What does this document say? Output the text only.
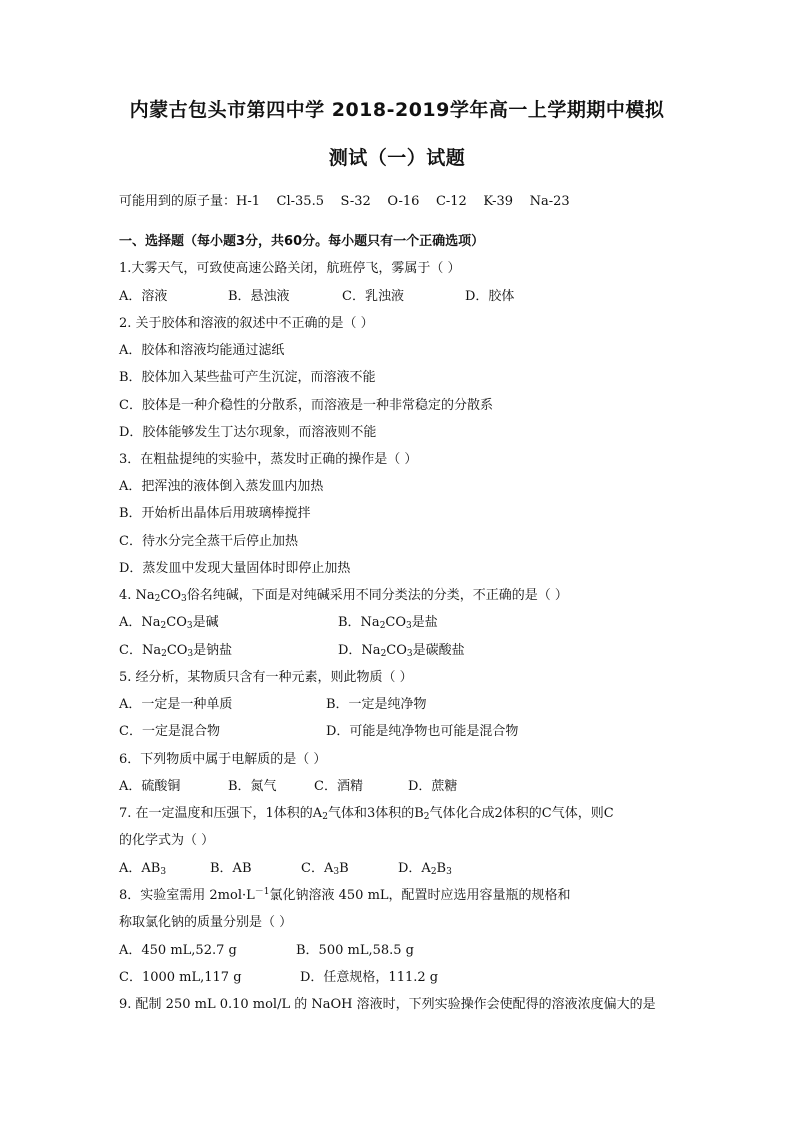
内蒙古包头市第四中学 2018-2019学年高一上学期期中模拟
测试（一）试题
可能用到的原子量：H-1    Cl-35.5    S-32    O-16    C-12    K-39    Na-23
一、选择题（每小题3分，共60分。每小题只有一个正确选项）
1.大雾天气，可致使高速公路关闭，航班停飞，雾属于（ ）
A．溶液	B．悬浊液	C．乳浊液	D．胶体
2. 关于胶体和溶液的叙述中不正确的是（ ）
A．胶体和溶液均能通过滤纸
B．胶体加入某些盐可产生沉淀，而溶液不能
C．胶体是一种介稳性的分散系，而溶液是一种非常稳定的分散系
D．胶体能够发生丁达尔现象，而溶液则不能
3．在粗盐提纯的实验中，蒸发时正确的操作是（ ）
A．把浑浊的液体倒入蒸发皿内加热
B．开始析出晶体后用玻璃棒搅拌
C．待水分完全蒸干后停止加热
D．蒸发皿中发现大量固体时即停止加热
4. $Na_2CO_3$俗名纯碱，下面是对纯碱采用不同分类法的分类，不正确的是（ ）
A．$Na_2CO_3$是碱	B．$Na_2CO_3$是盐
C．$Na_2CO_3$是钠盐	D．$Na_2CO_3$是碳酸盐
5. 经分析，某物质只含有一种元素，则此物质（ ）
A．一定是一种单质	B．一定是纯净物
C．一定是混合物	D．可能是纯净物也可能是混合物
6．下列物质中属于电解质的是（ ）
A．硫酸铜	B．氮气	C．酒精	D．蔗糖
7. 在一定温度和压强下，1体积的$A_2$气体和3体积的$B_2$气体化合成2体积的C气体，则C
的化学式为（ ）
A．$AB_3$	B．AB	C．$A_3B$	D．$A_2B_3$
8．实验室需用 $2mol\cdot L^{-1}$氯化钠溶液 450 mL，配置时应选用容量瓶的规格和
称取氯化钠的质量分别是（ ）
A．450 mL,52.7 g	B．500 mL,58.5 g
C．1000 mL,117 g	D．任意规格，111.2 g
9. 配制 250 mL 0.10 mol/L 的 NaOH 溶液时，下列实验操作会使配得的溶液浓度偏大的是
